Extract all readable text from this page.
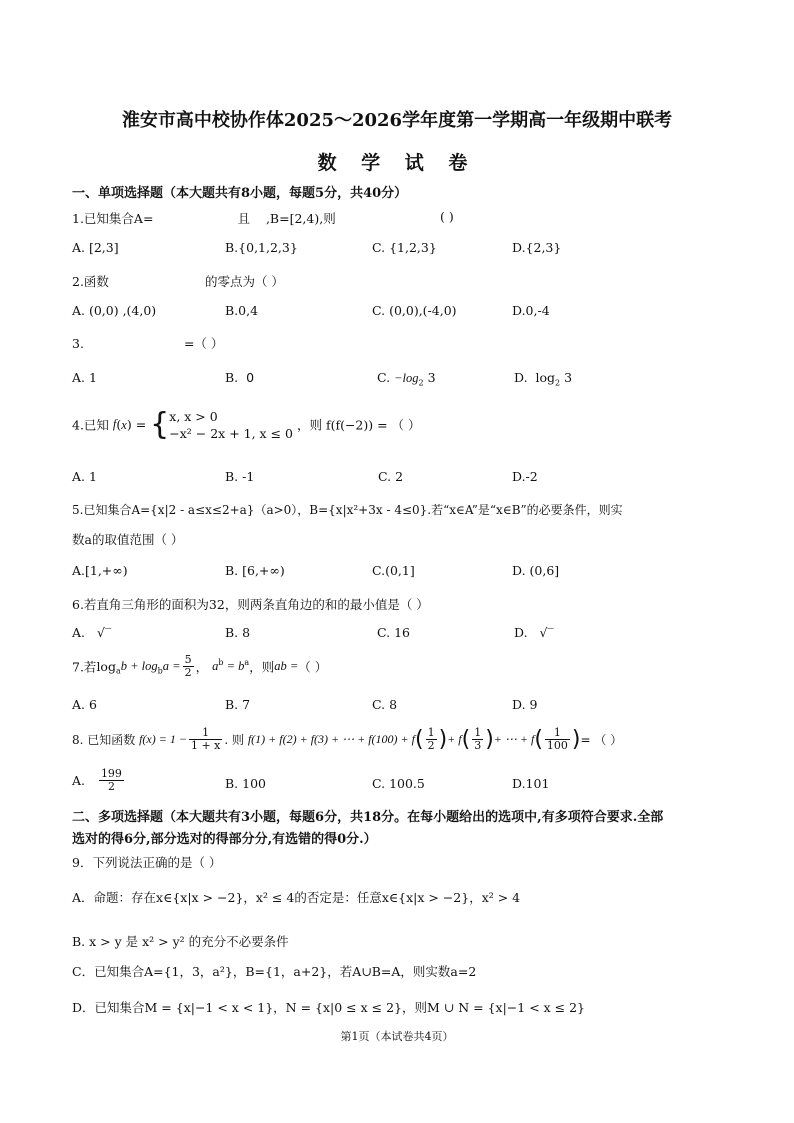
淮安市高中校协作体2025～2026学年度第一学期高一年级期中联考
数 学 试 卷
一、单项选择题（本大题共有8小题，每题5分，共40分）
1.已知集合A=	且 ,B=[2,4),则	( )
A. [2,3]	B.{0,1,2,3}	C. {1,2,3}	D.{2,3}
2.函数	的零点为（ ）
A. (0,0) ,(4,0)	B.0,4	C. (0,0),(-4,0)	D.0,-4
3.	=（ ）
A. 1	B. 0	C. $-\log_2$ 3	D. $\log_2 3$
4.已知 f(x) = { x, x > 0
−x² − 2x + 1, x ≤ 0
，则 f(f(−2)) = （ ）
A. 1	B. -1	C. 2	D.-2
5.已知集合A={x|2 - a≤x≤2+a}（a>0），B={x|x²+3x - 4≤0}.若“x∈A”是“x∈B”的必要条件，则实
数a的取值范围（ ）
A.[1,+∞)	B. [6,+∞)	C.(0,1]	D. (0,6]
6.若直角三角形的面积为32，则两条直角边的和的最小值是（ ）
A. √‾	B. 8	C. 16	D. √‾
7.若$\log_ab + \log_ba = \frac{5}{2}$ ， $a^b = b^a$，则ab =（ ）
A. 6	B. 7	C. 8	D. 9
8. 已知函数 $f(x) = 1 - \frac{1}{1 + x}$ . 则 f(1) + f(2) + f(3) + ⋯ + $f(100) + f( \frac{1}{2}$ )+ $f( \frac{1}{3}$ )+ ⋯ + $f( \frac{1}{100}$ )= （ ）
A. $\frac{199}{2}$	B. 100	C. 100.5	D.101
二、多项选择题（本大题共有3小题，每题6分，共18分。在每小题给出的选项中,有多项符合要求.全部
选对的得6分,部分选对的得部分分,有选错的得0分.）
9．下列说法正确的是（ ）
A．命题：存在x∈{x|x > −2}，x² ≤ 4的否定是：任意x∈{x|x > −2}，x² > 4
B. x > y 是 x² > y² 的充分不必要条件
C．已知集合A={1，3，a²}，B={1，a+2}，若A∪B=A，则实数a=2
D．已知集合M = {x|−1 < x < 1}，N = {x|0 ≤ x ≤ 2}，则M ∪ N = {x|−1 < x ≤ 2}
第1页（本试卷共4页）
